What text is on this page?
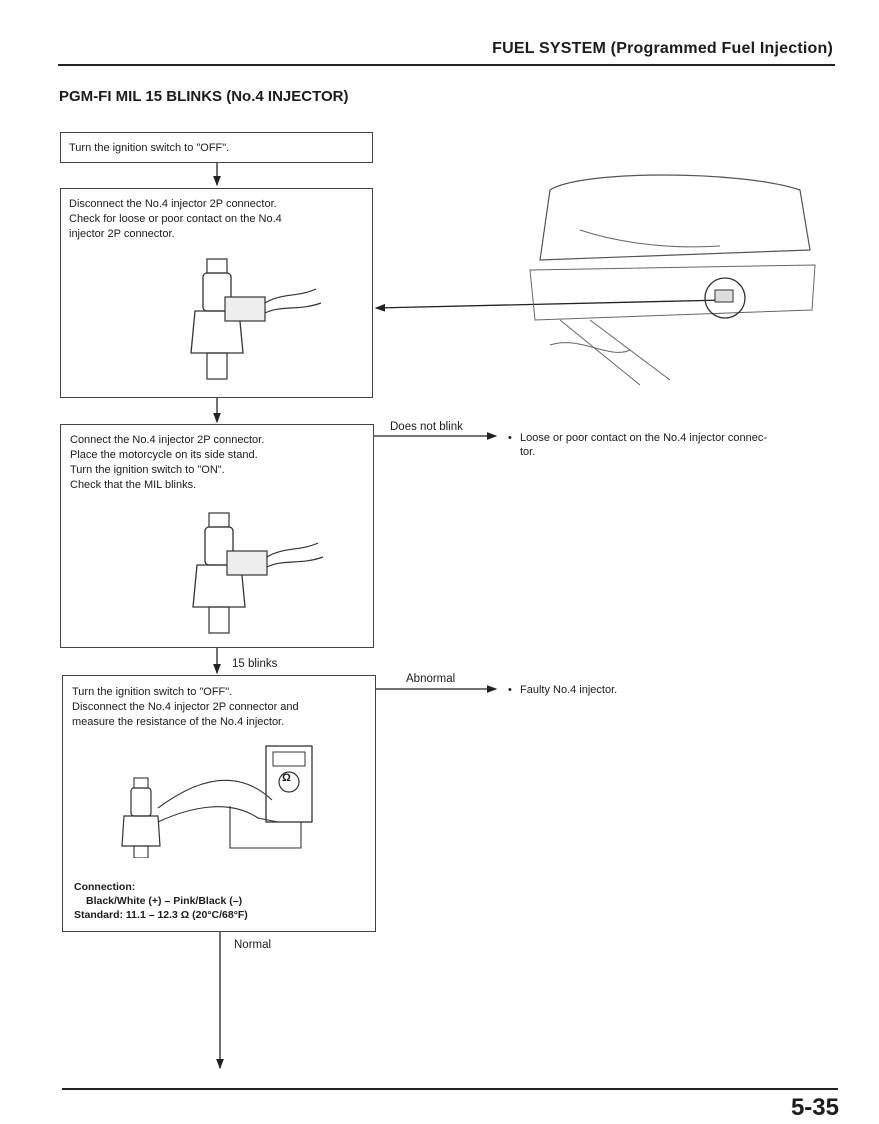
FUEL SYSTEM (Programmed Fuel Injection)
PGM-FI MIL 15 BLINKS (No.4 INJECTOR)
Turn the ignition switch to "OFF".
Disconnect the No.4 injector 2P connector.
Check for loose or poor contact on the No.4
injector 2P connector.
Connect the No.4 injector 2P connector.
Place the motorcycle on its side stand.
Turn the ignition switch to "ON".
Check that the MIL blinks.
Does not blink
15 blinks
Abnormal
Normal
• Loose or poor contact on the No.4 injector connec-
tor.
• Faulty No.4 injector.
Turn the ignition switch to "OFF".
Disconnect the No.4 injector 2P connector and
measure the resistance of the No.4 injector.
Ω
Connection:
Black/White (+) – Pink/Black (–)
Standard: 11.1 – 12.3 Ω (20°C/68°F)
5-35
